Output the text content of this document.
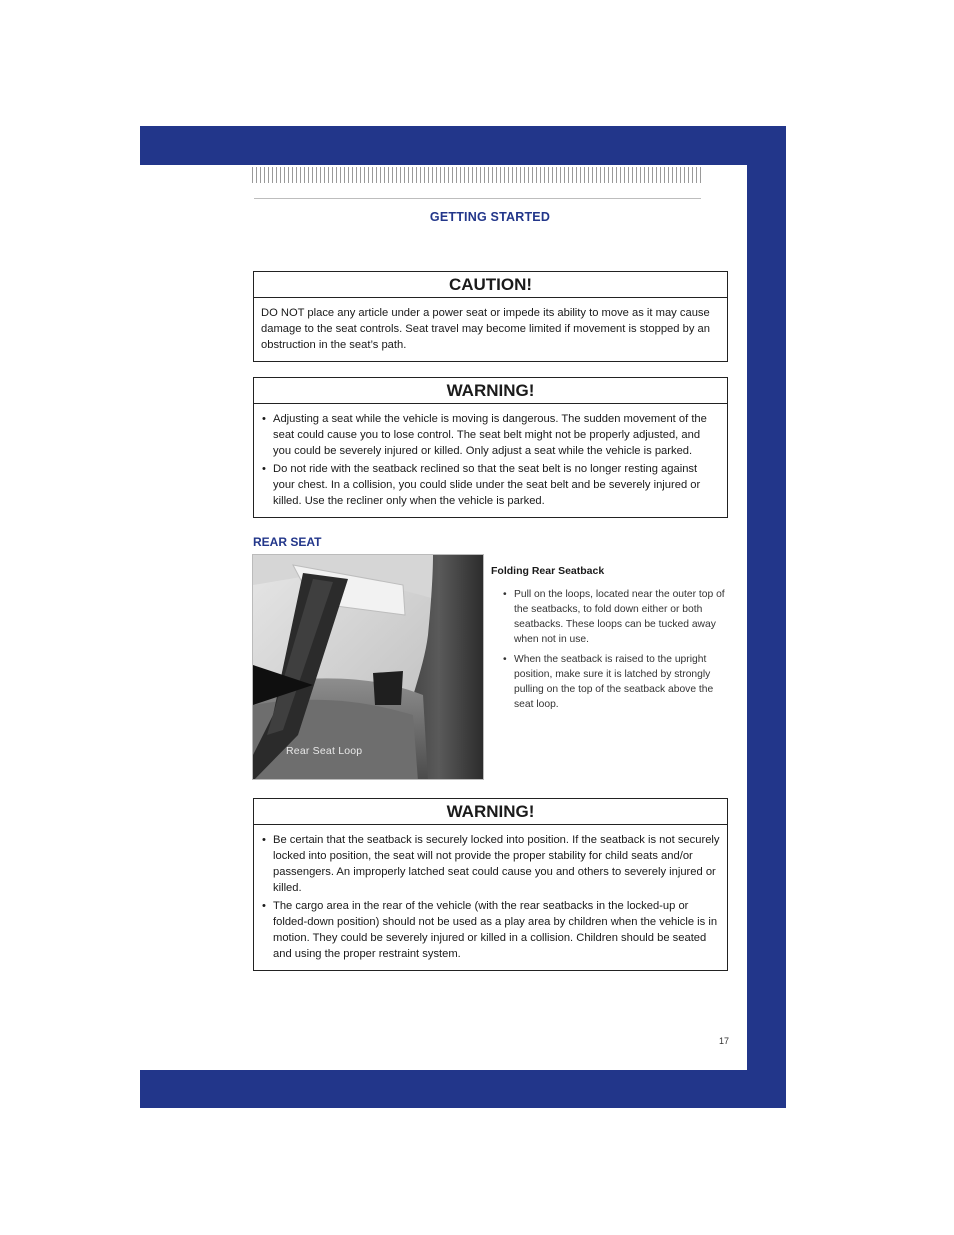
GETTING STARTED
CAUTION!
DO NOT place any article under a power seat or impede its ability to move as it may cause damage to the seat controls. Seat travel may become limited if movement is stopped by an obstruction in the seat’s path.
WARNING!
• Adjusting a seat while the vehicle is moving is dangerous. The sudden movement of the seat could cause you to lose control. The seat belt might not be properly adjusted, and you could be severely injured or killed. Only adjust a seat while the vehicle is parked.
• Do not ride with the seatback reclined so that the seat belt is no longer resting against your chest. In a collision, you could slide under the seat belt and be severely injured or killed. Use the recliner only when the vehicle is parked.
REAR SEAT
Rear Seat Loop
Folding Rear Seatback
• Pull on the loops, located near the outer top of the seatbacks, to fold down either or both seatbacks. These loops can be tucked away when not in use.
• When the seatback is raised to the upright position, make sure it is latched by strongly pulling on the top of the seatback above the seat loop.
WARNING!
• Be certain that the seatback is securely locked into position. If the seatback is not securely locked into position, the seat will not provide the proper stability for child seats and/or passengers. An improperly latched seat could cause you and others to severely injured or killed.
• The cargo area in the rear of the vehicle (with the rear seatbacks in the locked-up or folded-down position) should not be used as a play area by children when the vehicle is in motion. They could be severely injured or killed in a collision. Children should be seated and using the proper restraint system.
17
